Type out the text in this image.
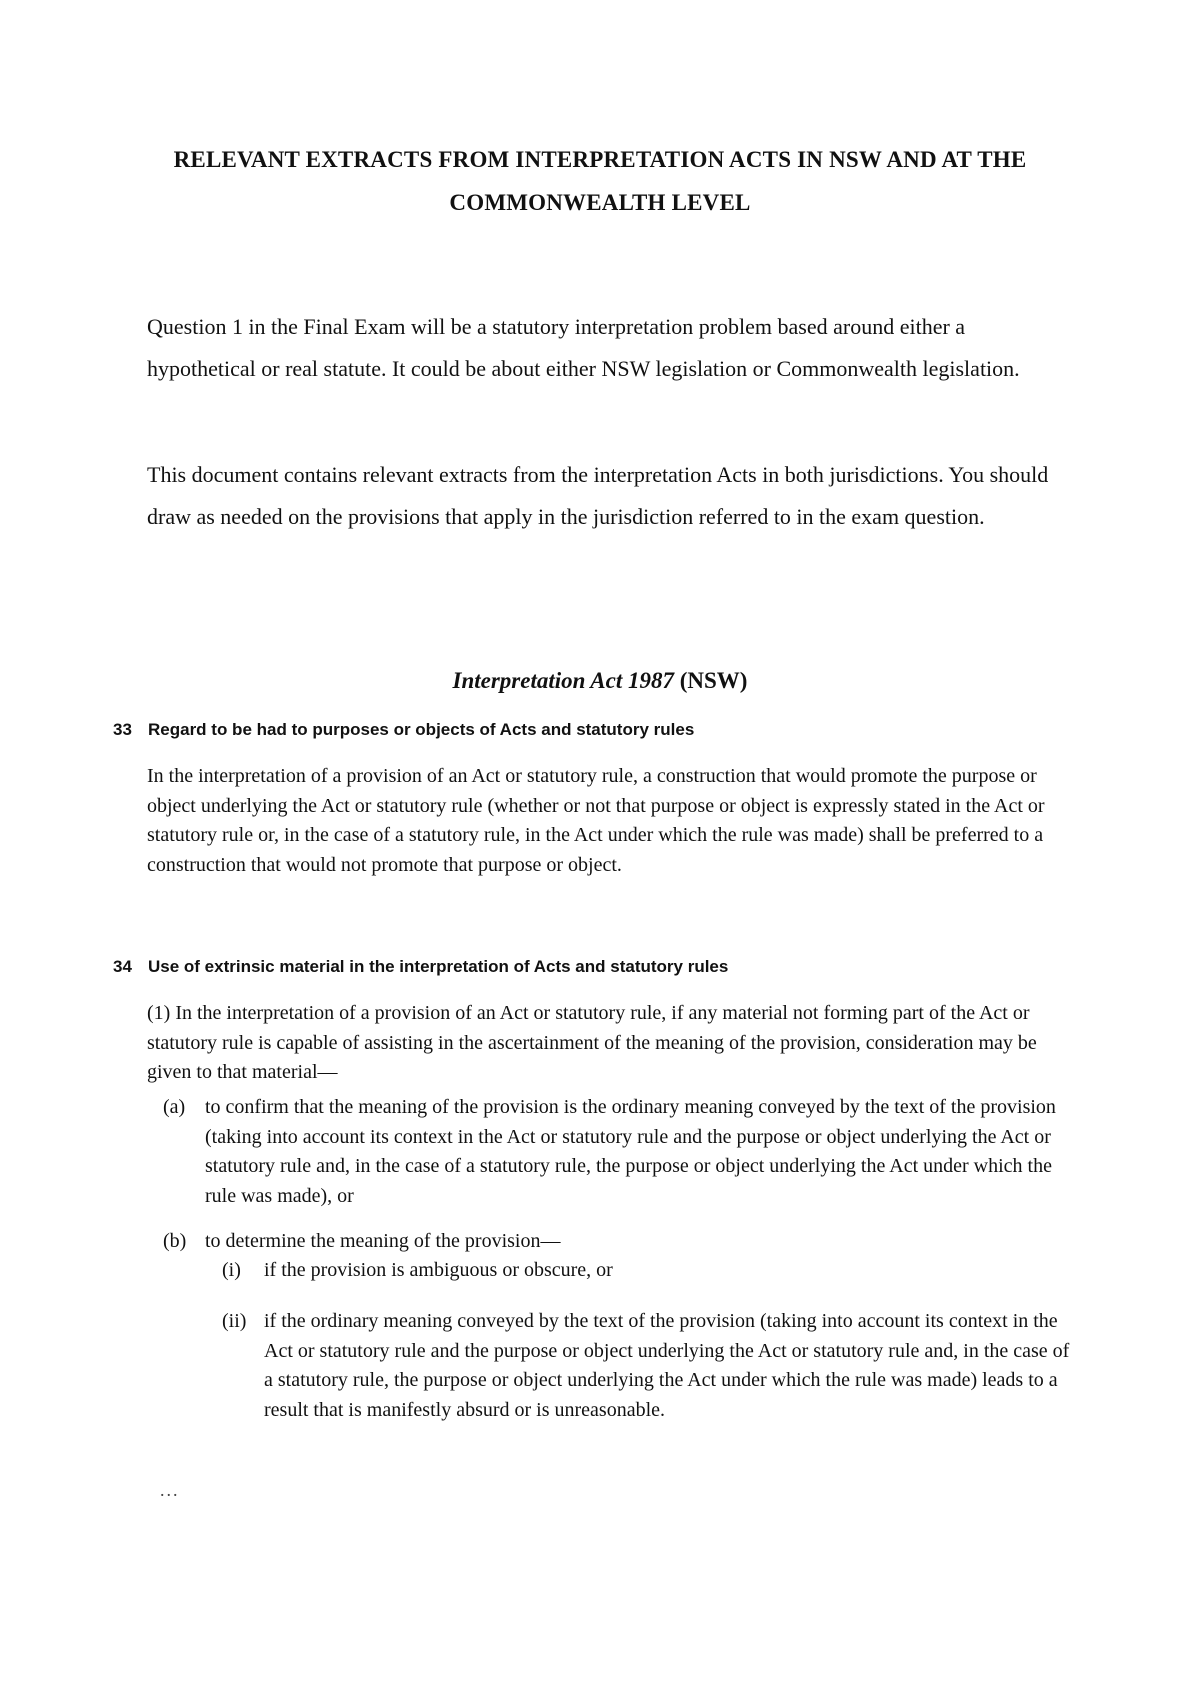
RELEVANT EXTRACTS FROM INTERPRETATION ACTS IN NSW AND AT THE
COMMONWEALTH LEVEL

Question 1 in the Final Exam will be a statutory interpretation problem based around either a hypothetical or real statute. It could be about either NSW legislation or Commonwealth legislation.

This document contains relevant extracts from the interpretation Acts in both jurisdictions. You should draw as needed on the provisions that apply in the jurisdiction referred to in the exam question.

Interpretation Act 1987 (NSW)
33 Regard to be had to purposes or objects of Acts and statutory rules

In the interpretation of a provision of an Act or statutory rule, a construction that would promote the purpose or object underlying the Act or statutory rule (whether or not that purpose or object is expressly stated in the Act or statutory rule or, in the case of a statutory rule, in the Act under which the rule was made) shall be preferred to a construction that would not promote that purpose or object.

34 Use of extrinsic material in the interpretation of Acts and statutory rules

(1) In the interpretation of a provision of an Act or statutory rule, if any material not forming part of the Act or statutory rule is capable of assisting in the ascertainment of the meaning of the provision, consideration may be given to that material—

(a) to confirm that the meaning of the provision is the ordinary meaning conveyed by the text of the provision (taking into account its context in the Act or statutory rule and the purpose or object underlying the Act or statutory rule and, in the case of a statutory rule, the purpose or object underlying the Act under which the rule was made), or

(b) to determine the meaning of the provision—

(i) if the provision is ambiguous or obscure, or

(ii) if the ordinary meaning conveyed by the text of the provision (taking into account its context in the Act or statutory rule and the purpose or object underlying the Act or statutory rule and, in the case of a statutory rule, the purpose or object underlying the Act under which the rule was made) leads to a result that is manifestly absurd or is unreasonable.

...
